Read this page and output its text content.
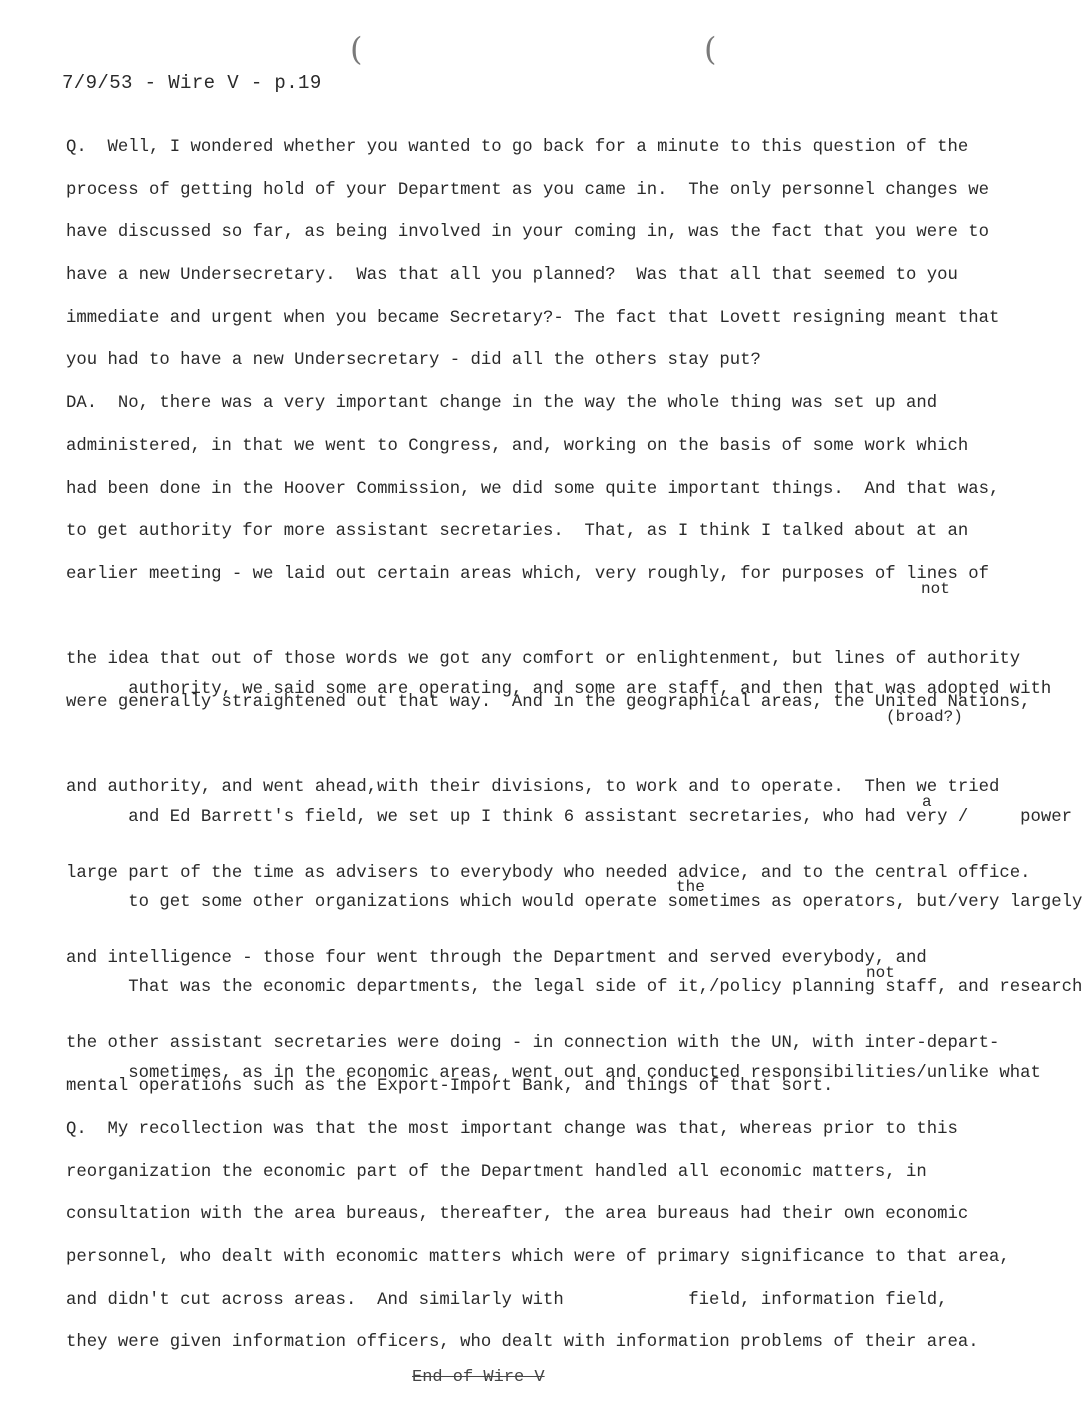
(	(
7/9/53 - Wire V - p.19
Q.  Well, I wondered whether you wanted to go back for a minute to this question of the
process of getting hold of your Department as you came in.  The only personnel changes we
have discussed so far, as being involved in your coming in, was the fact that you were to
have a new Undersecretary.  Was that all you planned?  Was that all that seemed to you
immediate and urgent when you became Secretary?- The fact that Lovett resigning meant that
you had to have a new Undersecretary - did all the others stay put?
DA.  No, there was a very important change in the way the whole thing was set up and
administered, in that we went to Congress, and, working on the basis of some work which
had been done in the Hoover Commission, we did some quite important things.  And that was,
to get authority for more assistant secretaries.  That, as I think I talked about at an
earlier meeting - we laid out certain areas which, very roughly, for purposes of lines of

not

authority, we said some are operating, and some are staff, and then that was adopted with

the idea that out of those words we got any comfort or enlightenment, but lines of authority
were generally straightened out that way.  And in the geographical areas, the United Nations,

(broad?)

and Ed Barrett's field, we set up I think 6 assistant secretaries, who had very /     power

and authority, and went ahead,with their divisions, to work and to operate.  Then we tried

a

to get some other organizations which would operate sometimes as operators, but/very largely

large part of the time as advisers to everybody who needed advice, and to the central office.

the

That was the economic departments, the legal side of it,/policy planning staff, and research

and intelligence - those four went through the Department and served everybody, and

not

sometimes, as in the economic areas, went out and conducted responsibilities/unlike what

the other assistant secretaries were doing - in connection with the UN, with inter-depart-
mental operations such as the Export-Import Bank, and things of that sort.
Q.  My recollection was that the most important change was that, whereas prior to this
reorganization the economic part of the Department handled all economic matters, in
consultation with the area bureaus, thereafter, the area bureaus had their own economic
personnel, who dealt with economic matters which were of primary significance to that area,
and didn't cut across areas.  And similarly with            field, information field,
they were given information officers, who dealt with information problems of their area.
End of Wire V
